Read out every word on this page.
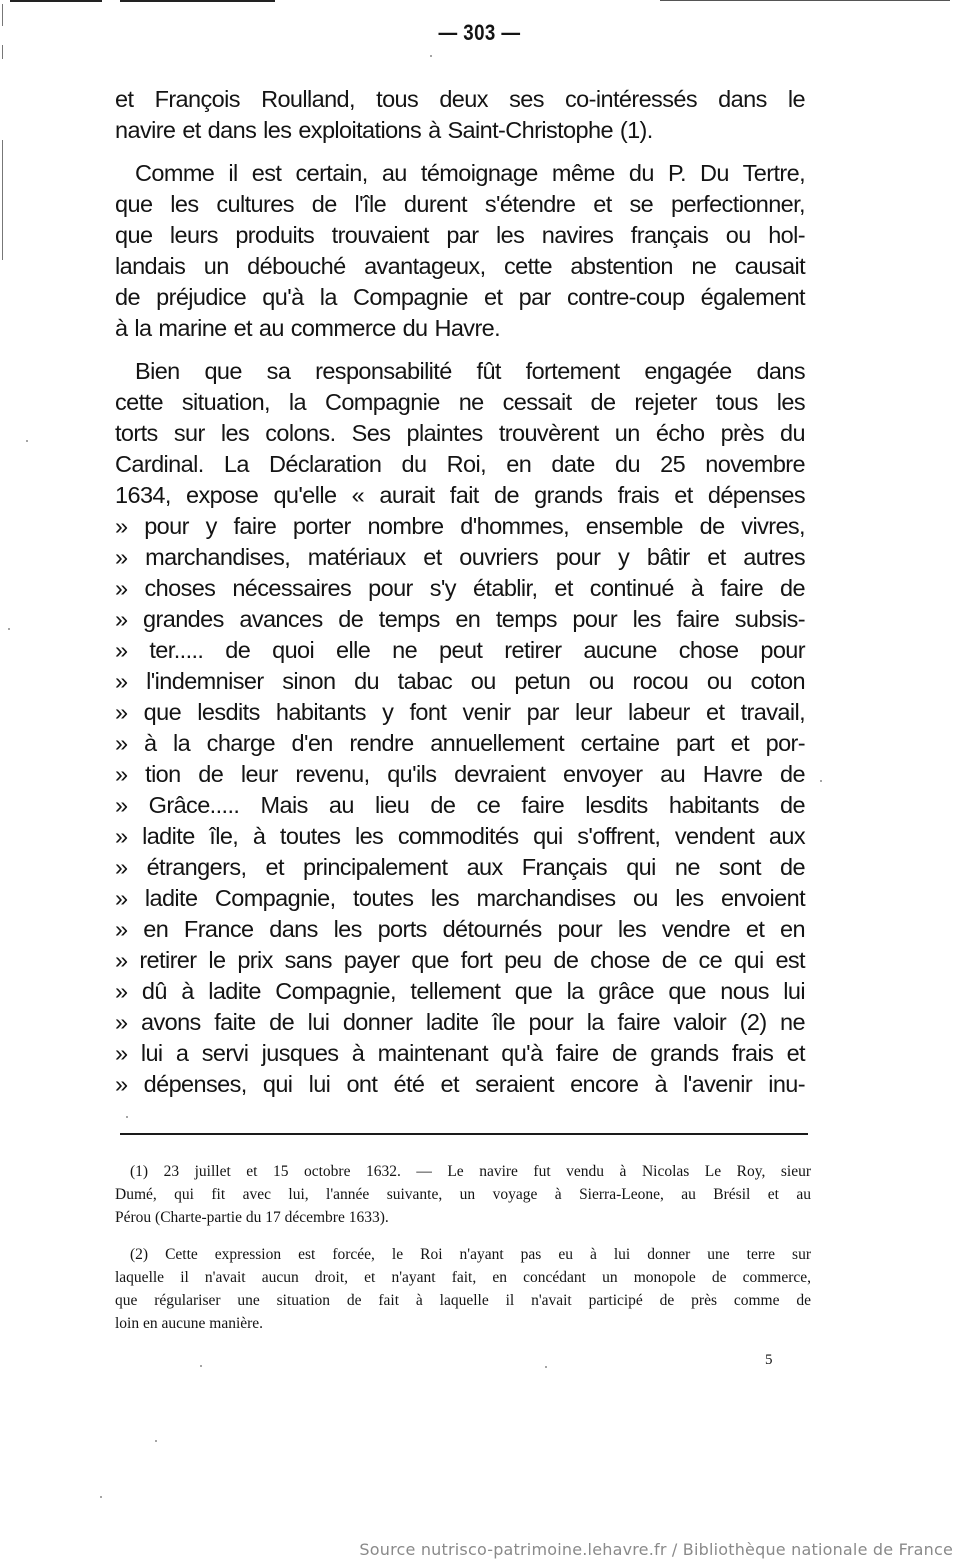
— 303 —
et François Roulland, tous deux ses co-intéressés dans le
navire et dans les exploitations à Saint-Christophe (1).
Comme il est certain, au témoignage même du P. Du Tertre,
que les cultures de l'île durent s'étendre et se perfectionner,
que leurs produits trouvaient par les navires français ou hol-
landais un débouché avantageux, cette abstention ne causait
de préjudice qu'à la Compagnie et par contre-coup également
à la marine et au commerce du Havre.
Bien que sa responsabilité fût fortement engagée dans
cette situation, la Compagnie ne cessait de rejeter tous les
torts sur les colons. Ses plaintes trouvèrent un écho près du
Cardinal. La Déclaration du Roi, en date du 25 novembre
1634, expose qu'elle « aurait fait de grands frais et dépenses
» pour y faire porter nombre d'hommes, ensemble de vivres,
» marchandises, matériaux et ouvriers pour y bâtir et autres
» choses nécessaires pour s'y établir, et continué à faire de
» grandes avances de temps en temps pour les faire subsis-
» ter..... de quoi elle ne peut retirer aucune chose pour
» l'indemniser sinon du tabac ou petun ou rocou ou coton
» que lesdits habitants y font venir par leur labeur et travail,
» à la charge d'en rendre annuellement certaine part et por-
» tion de leur revenu, qu'ils devraient envoyer au Havre de
» Grâce..... Mais au lieu de ce faire lesdits habitants de
» ladite île, à toutes les commodités qui s'offrent, vendent aux
» étrangers, et principalement aux Français qui ne sont de
» ladite Compagnie, toutes les marchandises ou les envoient
» en France dans les ports détournés pour les vendre et en
» retirer le prix sans payer que fort peu de chose de ce qui est
» dû à ladite Compagnie, tellement que la grâce que nous lui
» avons faite de lui donner ladite île pour la faire valoir (2) ne
» lui a servi jusques à maintenant qu'à faire de grands frais et
» dépenses, qui lui ont été et seraient encore à l'avenir inu-
(1) 23 juillet et 15 octobre 1632. — Le navire fut vendu à Nicolas Le Roy, sieur
Dumé, qui fit avec lui, l'année suivante, un voyage à Sierra-Leone, au Brésil et au
Pérou (Charte-partie du 17 décembre 1633).
(2) Cette expression est forcée, le Roi n'ayant pas eu à lui donner une terre sur
laquelle il n'avait aucun droit, et n'ayant fait, en concédant un monopole de commerce,
que régulariser une situation de fait à laquelle il n'avait participé de près comme de
loin en aucune manière.
5
Source nutrisco-patrimoine.lehavre.fr / Bibliothèque nationale de France
